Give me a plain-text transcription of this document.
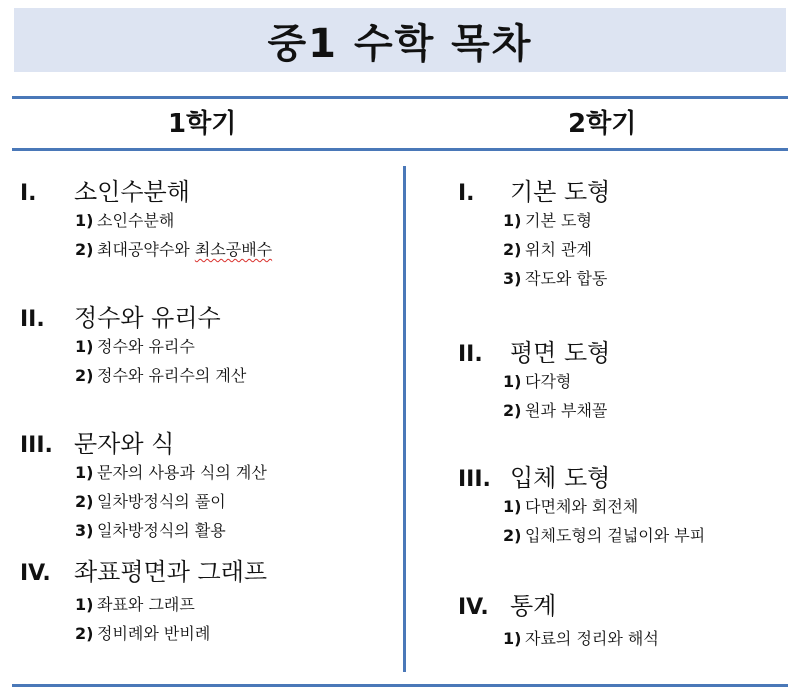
중1 수학 목차
1학기	2학기
I.	소인수분해
1) 소인수분해
2) 최대공약수와 최소공배수
II.	정수와 유리수
1) 정수와 유리수
2) 정수와 유리수의 계산
III. 문자와 식
1) 문자의 사용과 식의 계산
2) 일차방정식의 풀이
3) 일차방정식의 활용
IV. 좌표평면과 그래프
1) 좌표와 그래프
2) 정비례와 반비례
I.	기본 도형
1) 기본 도형
2) 위치 관계
3) 작도와 합동
II.	평면 도형
1) 다각형
2) 원과 부채꼴
III. 입체 도형
1) 다면체와 회전체
2) 입체도형의 겉넓이와 부피
IV. 통계
1) 자료의 정리와 해석
